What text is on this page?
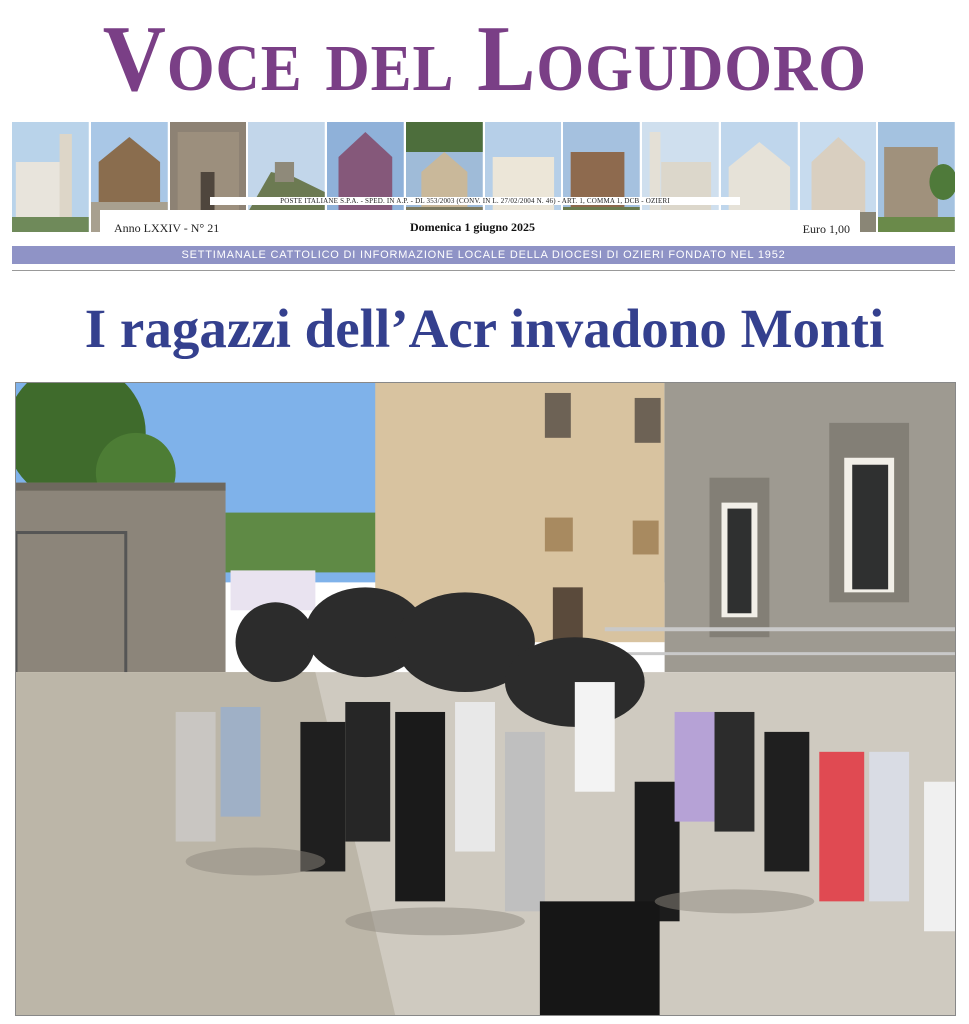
Voce del Logudoro
POSTE ITALIANE S.P.A. - SPED. IN A.P. - DL 353/2003 (CONV. IN L. 27/02/2004 N. 46) - ART. 1, COMMA 1, DCB - OZIERI
Anno LXXIV - N° 21	Domenica 1 giugno 2025	Euro 1,00
SETTIMANALE CATTOLICO DI INFORMAZIONE LOCALE DELLA DIOCESI DI OZIERI FONDATO NEL 1952
I ragazzi dell’Acr invadono Monti
